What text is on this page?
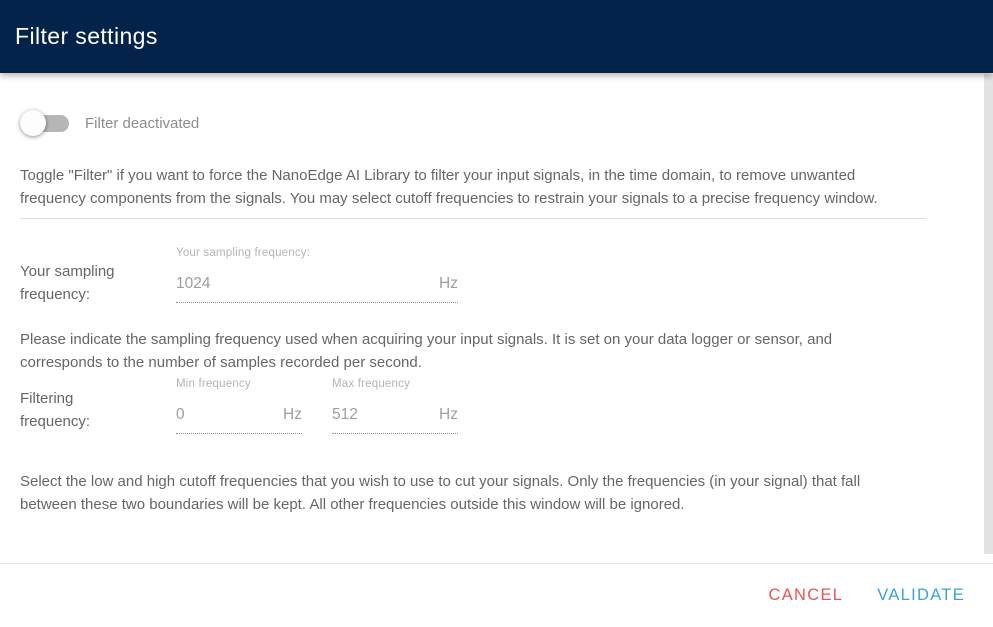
Filter settings
Filter deactivated

Toggle "Filter" if you want to force the NanoEdge AI Library to filter your input signals, in the time domain, to remove unwanted frequency components from the signals. You may select cutoff frequencies to restrain your signals to a precise frequency window.

Your sampling frequency:
Your sampling frequency:
1024	Hz

Please indicate the sampling frequency used when acquiring your input signals. It is set on your data logger or sensor, and corresponds to the number of samples recorded per second.

Filtering frequency:
Min frequency
0	Hz
Max frequency
512	Hz

Select the low and high cutoff frequencies that you wish to use to cut your signals. Only the frequencies (in your signal) that fall between these two boundaries will be kept. All other frequencies outside this window will be ignored.

CANCEL VALIDATE
